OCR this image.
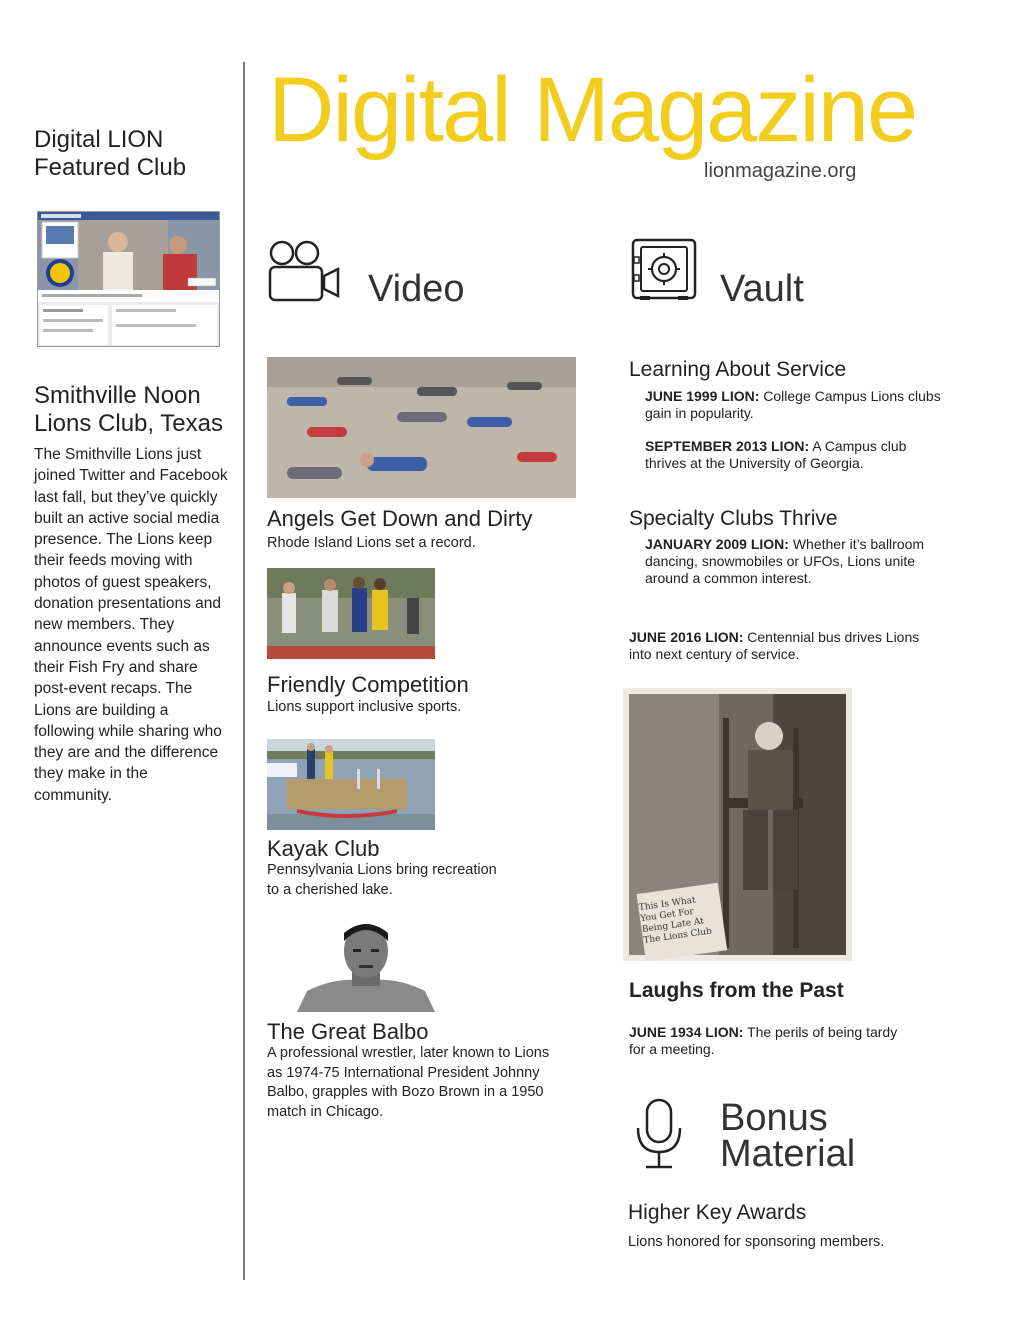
Digital LION
Featured Club
Smithville Noon
Lions Club, Texas
The Smithville Lions just joined Twitter and Facebook last fall, but they’ve quickly built an active social media presence. The Lions keep their feeds moving with photos of guest speakers, donation presentations and new members. They announce events such as their Fish Fry and share post-event recaps. The Lions are building a following while sharing who they are and the difference they make in the community.
Digital Magazine
lionmagazine.org
Video
Angels Get Down and Dirty
Rhode Island Lions set a record.
Friendly Competition
Lions support inclusive sports.
Kayak Club
Pennsylvania Lions bring recreation
to a cherished lake.
The Great Balbo
A professional wrestler, later known to Lions
as 1974-75 International President Johnny
Balbo, grapples with Bozo Brown in a 1950
match in Chicago.
Vault
Learning About Service
JUNE 1999 LION: College Campus Lions clubs
gain in popularity.
SEPTEMBER 2013 LION: A Campus club
thrives at the University of Georgia.
Specialty Clubs Thrive
JANUARY 2009 LION: Whether it’s ballroom
dancing, snowmobiles or UFOs, Lions unite
around a common interest.
JUNE 2016 LION: Centennial bus drives Lions
into next century of service.
This Is What You Get For Being Late At The Lions Club
Laughs from the Past
JUNE 1934 LION: The perils of being tardy
for a meeting.
Bonus
Material
Higher Key Awards
Lions honored for sponsoring members.
